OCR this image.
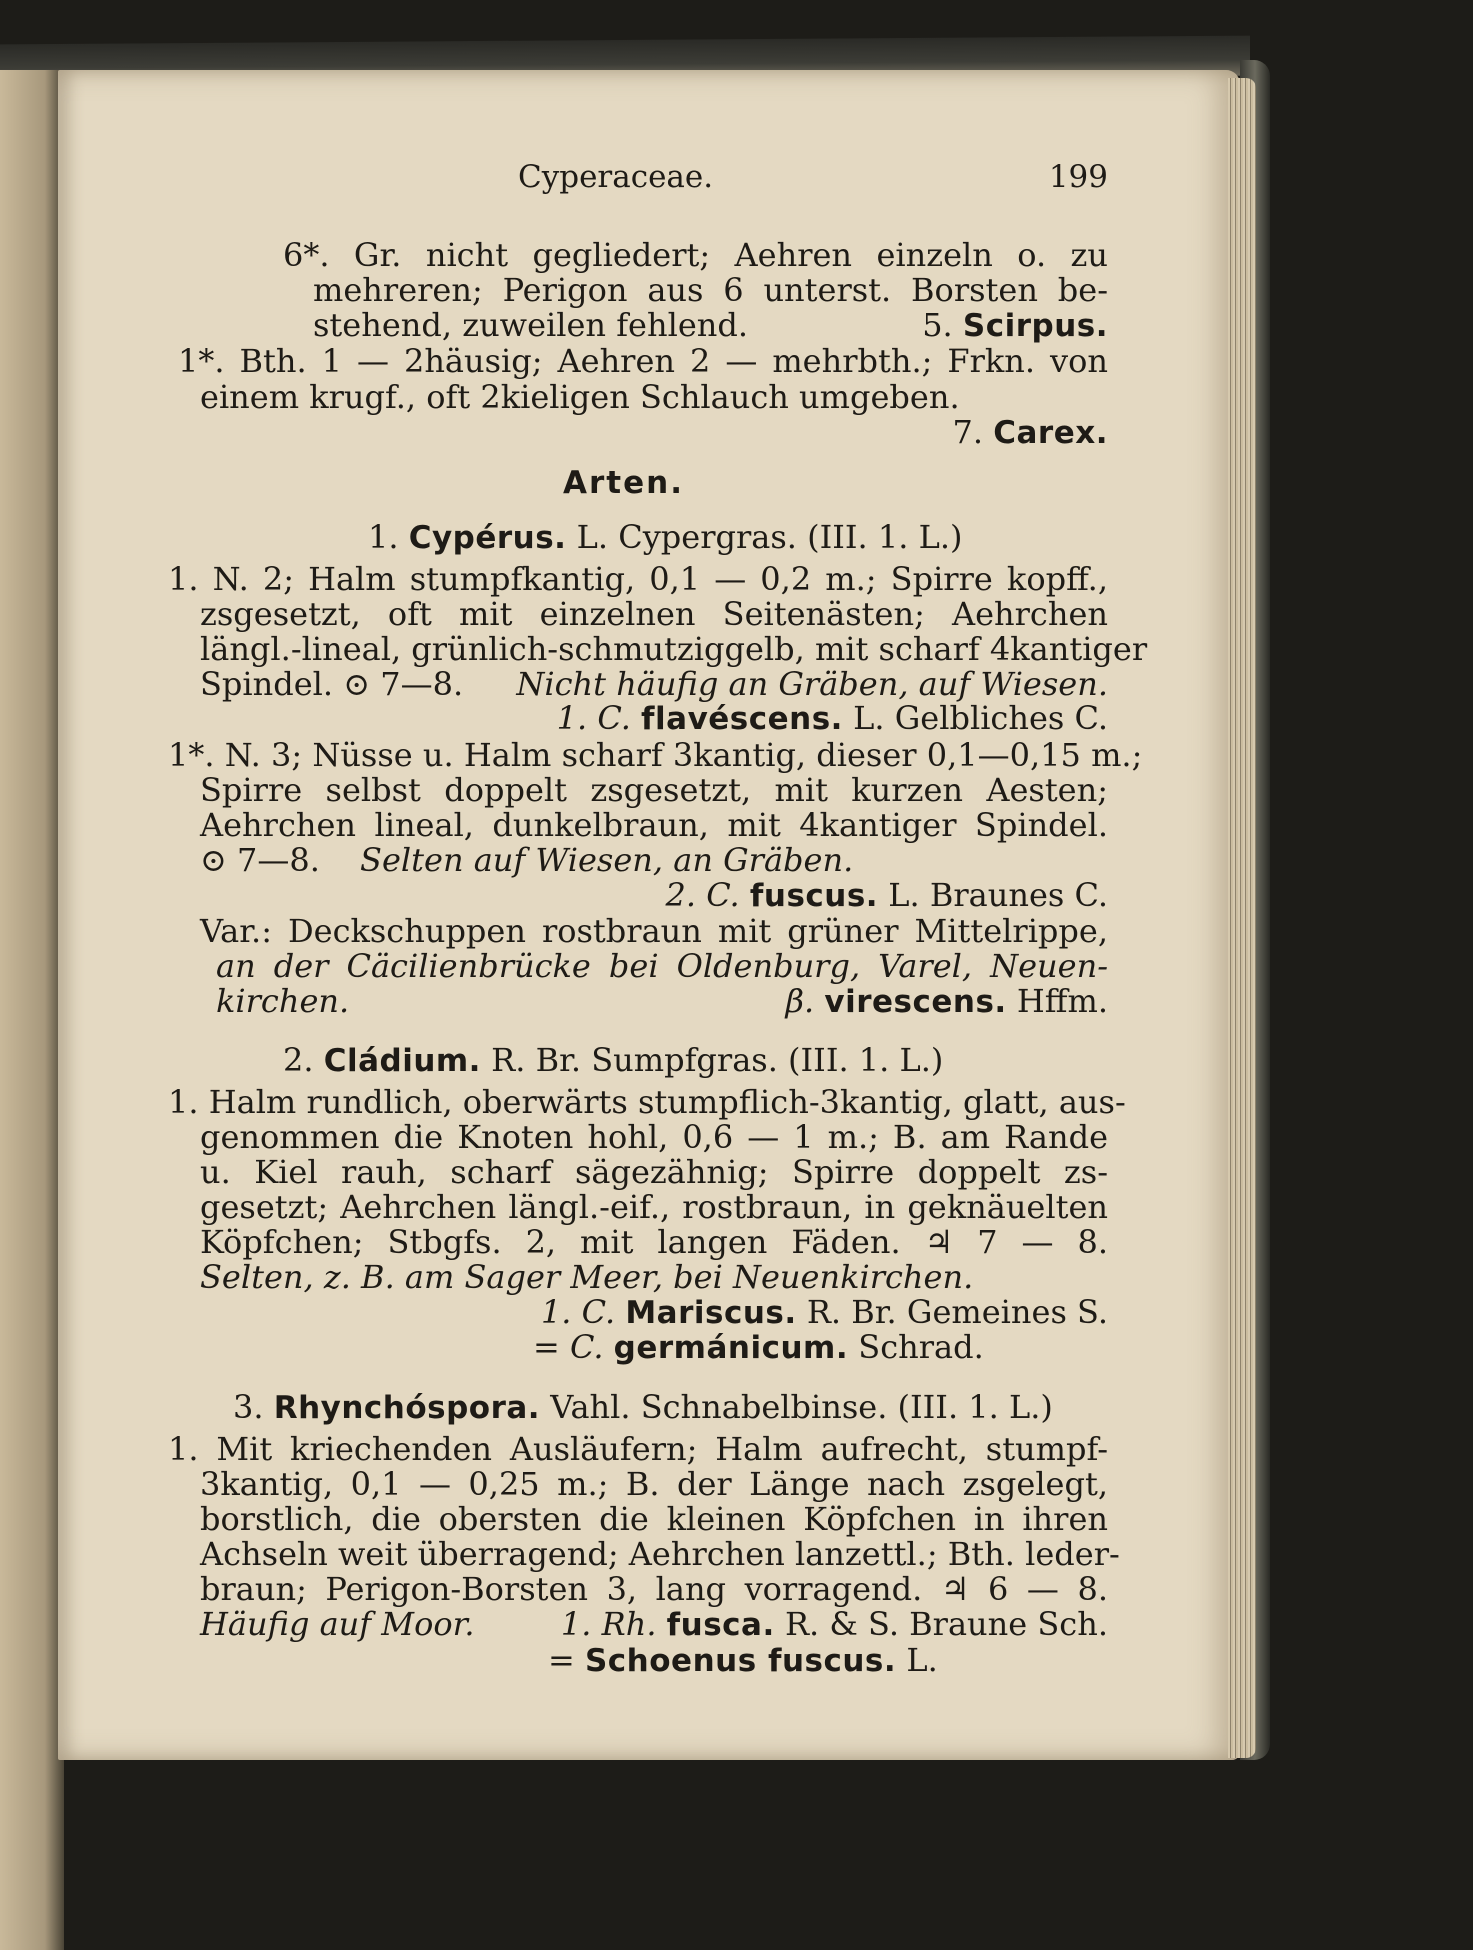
Cyperaceae.	199
6*. Gr. nicht gegliedert; Aehren einzeln o. zu
mehreren; Perigon aus 6 unterst. Borsten be-
stehend, zuweilen fehlend.	5. Scirpus.
1*. Bth. 1 — 2häusig; Aehren 2 — mehrbth.; Frkn. von
einem krugf., oft 2kieligen Schlauch umgeben.
7. Carex.
Arten.
1. Cypérus. L. Cypergras. (III. 1. L.)
1. N. 2; Halm stumpfkantig, 0,1 — 0,2 m.; Spirre kopff.,
zsgesetzt, oft mit einzelnen Seitenästen; Aehrchen
längl.-lineal, grünlich-schmutziggelb, mit scharf 4kantiger
Spindel. ⊙ 7—8. Nicht häufig an Gräben, auf Wiesen.
1. C. flavéscens. L. Gelbliches C.
1*. N. 3; Nüsse u. Halm scharf 3kantig, dieser 0,1—0,15 m.;
Spirre selbst doppelt zsgesetzt, mit kurzen Aesten;
Aehrchen lineal, dunkelbraun, mit 4kantiger Spindel.
⊙ 7—8. Selten auf Wiesen, an Gräben.
2. C. fuscus. L. Braunes C.
Var.: Deckschuppen rostbraun mit grüner Mittelrippe,
an der Cäcilienbrücke bei Oldenburg, Varel, Neuen-
kirchen.	β. virescens. Hffm.
2. Cládium. R. Br. Sumpfgras. (III. 1. L.)
1. Halm rundlich, oberwärts stumpflich-3kantig, glatt, aus-
genommen die Knoten hohl, 0,6 — 1 m.; B. am Rande
u. Kiel rauh, scharf sägezähnig; Spirre doppelt zs-
gesetzt; Aehrchen längl.-eif., rostbraun, in geknäuelten
Köpfchen; Stbgfs. 2, mit langen Fäden. ♃ 7 — 8.
Selten, z. B. am Sager Meer, bei Neuenkirchen.
1. C. Mariscus. R. Br. Gemeines S.
= C. germánicum. Schrad.
3. Rhynchóspora. Vahl. Schnabelbinse. (III. 1. L.)
1. Mit kriechenden Ausläufern; Halm aufrecht, stumpf-
3kantig, 0,1 — 0,25 m.; B. der Länge nach zsgelegt,
borstlich, die obersten die kleinen Köpfchen in ihren
Achseln weit überragend; Aehrchen lanzettl.; Bth. leder-
braun; Perigon-Borsten 3, lang vorragend. ♃ 6 — 8.
Häufig auf Moor.	1. Rh. fusca. R. & S. Braune Sch.
= Schoenus fuscus. L.
